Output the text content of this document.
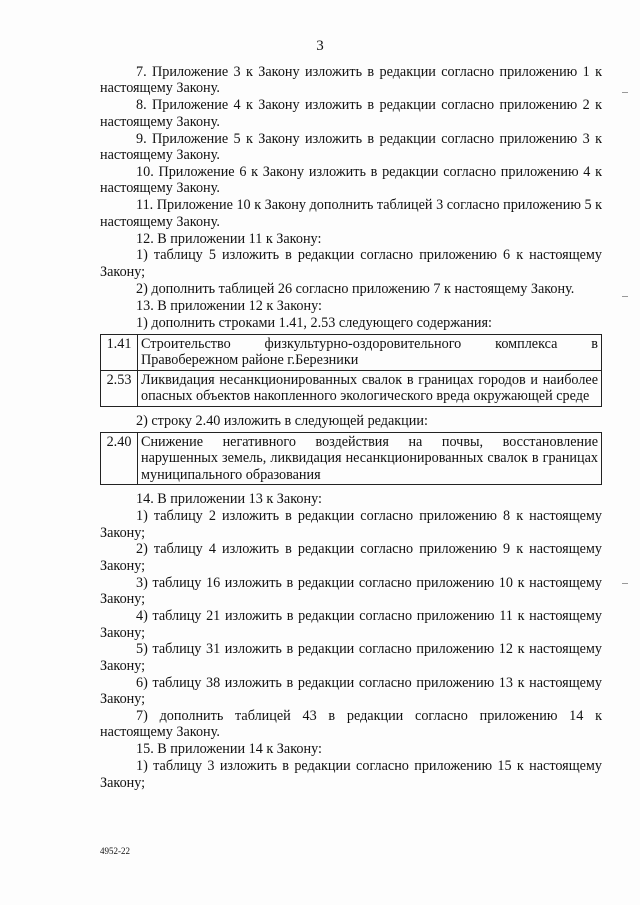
3

7. Приложение 3 к Закону изложить в редакции согласно приложению 1 к настоящему Закону.

8. Приложение 4 к Закону изложить в редакции согласно приложению 2 к настоящему Закону.

9. Приложение 5 к Закону изложить в редакции согласно приложению 3 к настоящему Закону.

10. Приложение 6 к Закону изложить в редакции согласно приложению 4 к настоящему Закону.

11. Приложение 10 к Закону дополнить таблицей 3 согласно приложению 5 к настоящему Закону.

12. В приложении 11 к Закону:

1) таблицу 5 изложить в редакции согласно приложению 6 к настоящему Закону;

2) дополнить таблицей 26 согласно приложению 7 к настоящему Закону.

13. В приложении 12 к Закону:

1) дополнить строками 1.41, 2.53 следующего содержания:

1.41	Строительство физкультурно-оздоровительного комплекса в Правобережном районе г.Березники
2.53	Ликвидация несанкционированных свалок в границах городов и наиболее опасных объектов накопленного экологического вреда окружающей среде

2) строку 2.40 изложить в следующей редакции:

2.40	Снижение негативного воздействия на почвы, восстановление нарушенных земель, ликвидация несанкционированных свалок в границах муниципального образования

14. В приложении 13 к Закону:

1) таблицу 2 изложить в редакции согласно приложению 8 к настоящему Закону;

2) таблицу 4 изложить в редакции согласно приложению 9 к настоящему Закону;

3) таблицу 16 изложить в редакции согласно приложению 10 к настоящему Закону;

4) таблицу 21 изложить в редакции согласно приложению 11 к настоящему Закону;

5) таблицу 31 изложить в редакции согласно приложению 12 к настоящему Закону;

6) таблицу 38 изложить в редакции согласно приложению 13 к настоящему Закону;

7) дополнить таблицей 43 в редакции согласно приложению 14 к настоящему Закону.

15. В приложении 14 к Закону:

1) таблицу 3 изложить в редакции согласно приложению 15 к настоящему Закону;

4952-22
